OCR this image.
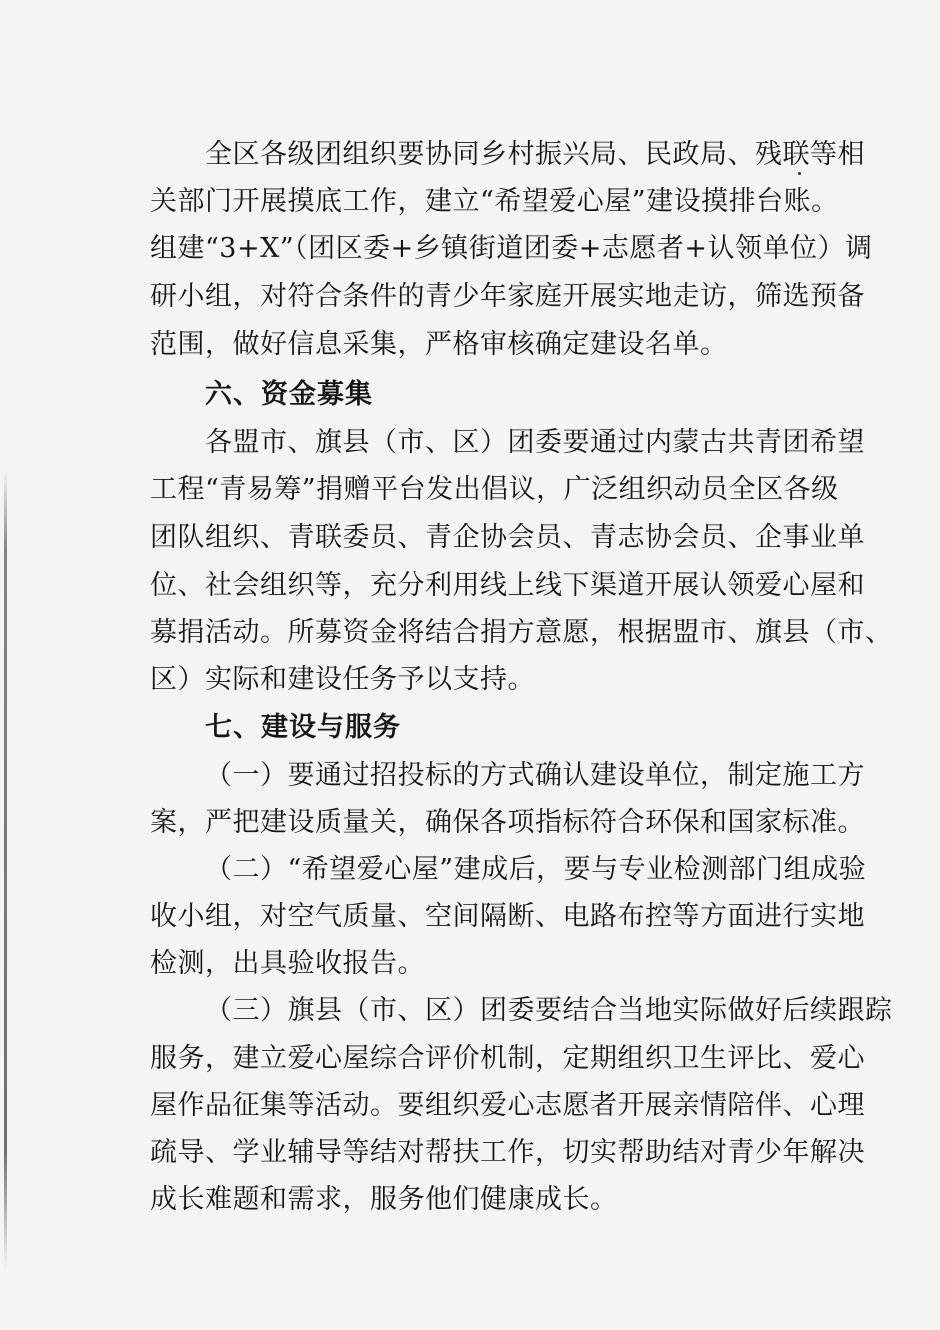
全区各级团组织要协同乡村振兴局、民政局、残联等相
关部门开展摸底工作，建立“希望爱心屋”建设摸排台账。
组建“3+X”（团区委+乡镇街道团委+志愿者+认领单位）调
研小组，对符合条件的青少年家庭开展实地走访，筛选预备
范围，做好信息采集，严格审核确定建设名单。
六、资金募集
各盟市、旗县（市、区）团委要通过内蒙古共青团希望
工程“青易筹”捐赠平台发出倡议，广泛组织动员全区各级
团队组织、青联委员、青企协会员、青志协会员、企事业单
位、社会组织等，充分利用线上线下渠道开展认领爱心屋和
募捐活动。所募资金将结合捐方意愿，根据盟市、旗县（市、
区）实际和建设任务予以支持。
七、建设与服务
（一）要通过招投标的方式确认建设单位，制定施工方
案，严把建设质量关，确保各项指标符合环保和国家标准。
（二）“希望爱心屋”建成后，要与专业检测部门组成验
收小组，对空气质量、空间隔断、电路布控等方面进行实地
检测，出具验收报告。
（三）旗县（市、区）团委要结合当地实际做好后续跟踪
服务，建立爱心屋综合评价机制，定期组织卫生评比、爱心
屋作品征集等活动。要组织爱心志愿者开展亲情陪伴、心理
疏导、学业辅导等结对帮扶工作，切实帮助结对青少年解决
成长难题和需求，服务他们健康成长。
